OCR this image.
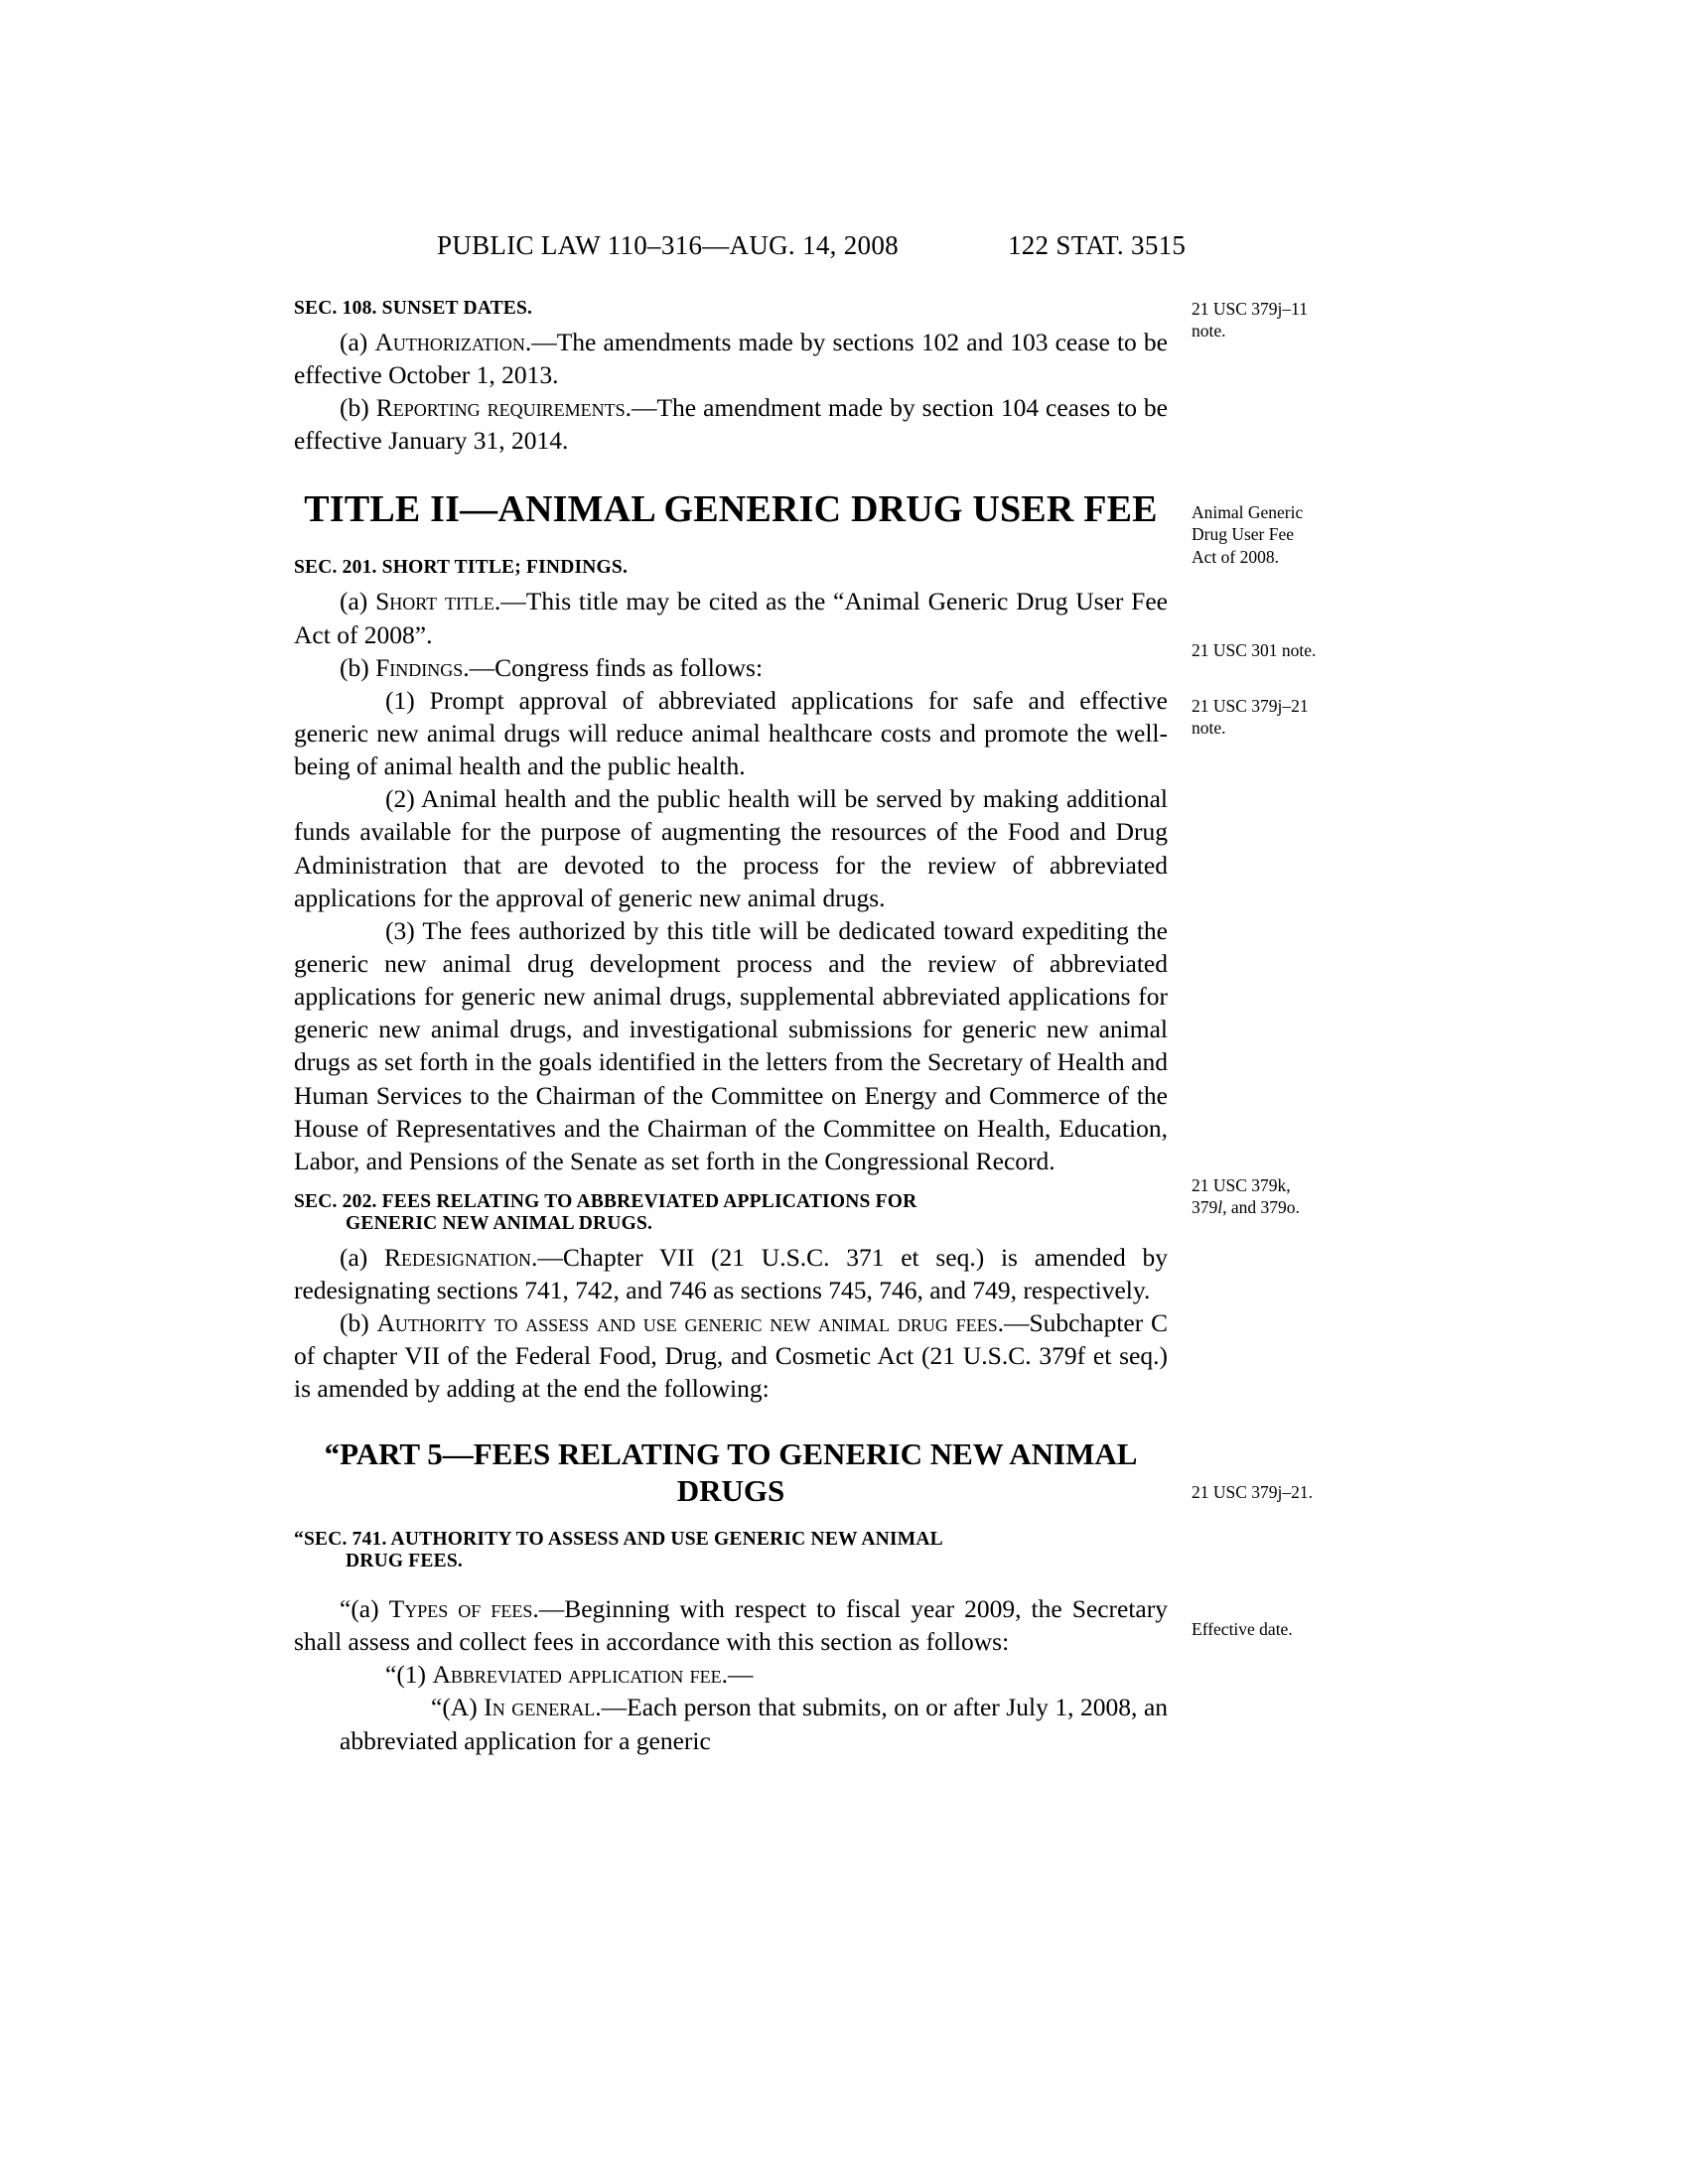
PUBLIC LAW 110–316—AUG. 14, 2008	122 STAT. 3515
SEC. 108. SUNSET DATES.

(a) Authorization.—The amendments made by sections 102 and 103 cease to be effective October 1, 2013.

(b) Reporting requirements.—The amendment made by section 104 ceases to be effective January 31, 2014.

TITLE II—ANIMAL GENERIC DRUG USER FEE
SEC. 201. SHORT TITLE; FINDINGS.

(a) Short title.—This title may be cited as the “Animal Generic Drug User Fee Act of 2008”.

(b) Findings.—Congress finds as follows:

(1) Prompt approval of abbreviated applications for safe and effective generic new animal drugs will reduce animal healthcare costs and promote the well-being of animal health and the public health.

(2) Animal health and the public health will be served by making additional funds available for the purpose of augmenting the resources of the Food and Drug Administration that are devoted to the process for the review of abbreviated applications for the approval of generic new animal drugs.

(3) The fees authorized by this title will be dedicated toward expediting the generic new animal drug development process and the review of abbreviated applications for generic new animal drugs, supplemental abbreviated applications for generic new animal drugs, and investigational submissions for generic new animal drugs as set forth in the goals identified in the letters from the Secretary of Health and Human Services to the Chairman of the Committee on Energy and Commerce of the House of Representatives and the Chairman of the Committee on Health, Education, Labor, and Pensions of the Senate as set forth in the Congressional Record.

SEC. 202. FEES RELATING TO ABBREVIATED APPLICATIONS FOR
GENERIC NEW ANIMAL DRUGS.

(a) Redesignation.—Chapter VII (21 U.S.C. 371 et seq.) is amended by redesignating sections 741, 742, and 746 as sections 745, 746, and 749, respectively.

(b) Authority to assess and use generic new animal drug fees.—Subchapter C of chapter VII of the Federal Food, Drug, and Cosmetic Act (21 U.S.C. 379f et seq.) is amended by adding at the end the following:

“PART 5—FEES RELATING TO GENERIC NEW ANIMAL DRUGS
“SEC. 741. AUTHORITY TO ASSESS AND USE GENERIC NEW ANIMAL
DRUG FEES.

“(a) Types of fees.—Beginning with respect to fiscal year 2009, the Secretary shall assess and collect fees in accordance with this section as follows:

“(1) Abbreviated application fee.—

“(A) In general.—Each person that submits, on or after July 1, 2008, an abbreviated application for a generic

21 USC 379j–11
note.
Animal Generic
Drug User Fee
Act of 2008.
21 USC 301 note.
21 USC 379j–21
note.
21 USC 379k,
379l, and 379o.
21 USC 379j–21.
Effective date.
